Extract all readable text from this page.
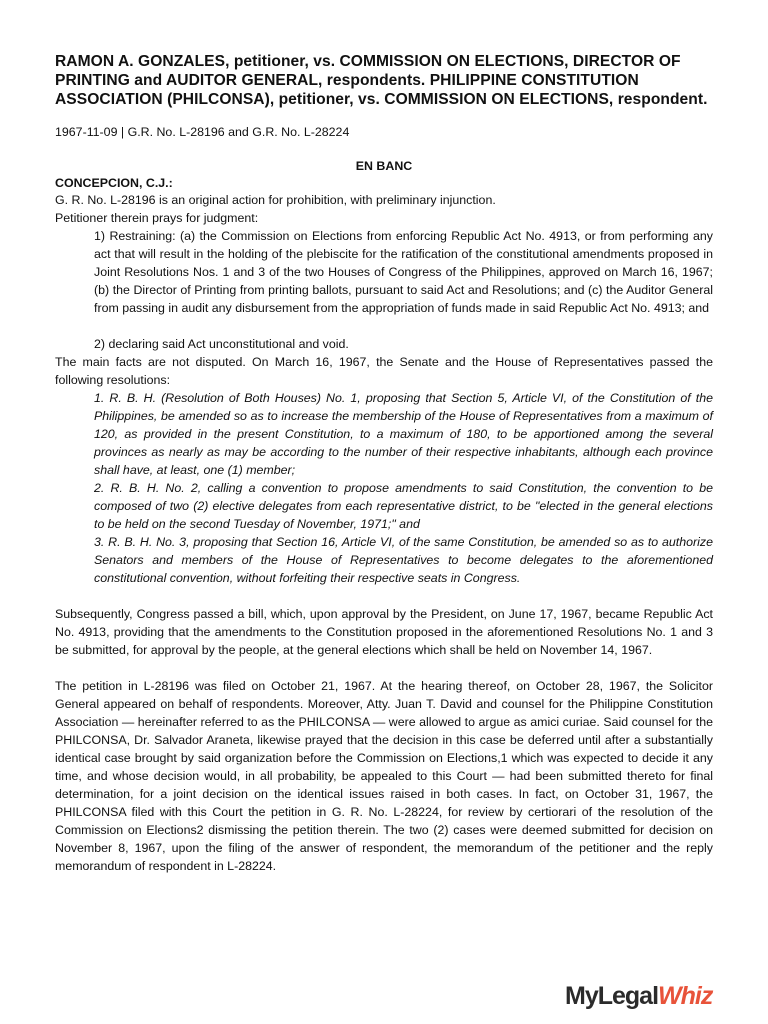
RAMON A. GONZALES, petitioner, vs. COMMISSION ON ELECTIONS, DIRECTOR OF PRINTING and AUDITOR GENERAL, respondents. PHILIPPINE CONSTITUTION ASSOCIATION (PHILCONSA), petitioner, vs. COMMISSION ON ELECTIONS, respondent.
1967-11-09 | G.R. No. L-28196 and G.R. No. L-28224
EN BANC
CONCEPCION, C.J.:

G. R. No. L-28196 is an original action for prohibition, with preliminary injunction.

Petitioner therein prays for judgment:

1) Restraining: (a) the Commission on Elections from enforcing Republic Act No. 4913, or from performing any act that will result in the holding of the plebiscite for the ratification of the constitutional amendments proposed in Joint Resolutions Nos. 1 and 3 of the two Houses of Congress of the Philippines, approved on March 16, 1967; (b) the Director of Printing from printing ballots, pursuant to said Act and Resolutions; and (c) the Auditor General from passing in audit any disbursement from the appropriation of funds made in said Republic Act No. 4913; and

2) declaring said Act unconstitutional and void.

The main facts are not disputed. On March 16, 1967, the Senate and the House of Representatives passed the following resolutions:

1. R. B. H. (Resolution of Both Houses) No. 1, proposing that Section 5, Article VI, of the Constitution of the Philippines, be amended so as to increase the membership of the House of Representatives from a maximum of 120, as provided in the present Constitution, to a maximum of 180, to be apportioned among the several provinces as nearly as may be according to the number of their respective inhabitants, although each province shall have, at least, one (1) member;

2. R. B. H. No. 2, calling a convention to propose amendments to said Constitution, the convention to be composed of two (2) elective delegates from each representative district, to be "elected in the general elections to be held on the second Tuesday of November, 1971;" and

3. R. B. H. No. 3, proposing that Section 16, Article VI, of the same Constitution, be amended so as to authorize Senators and members of the House of Representatives to become delegates to the aforementioned constitutional convention, without forfeiting their respective seats in Congress.

Subsequently, Congress passed a bill, which, upon approval by the President, on June 17, 1967, became Republic Act No. 4913, providing that the amendments to the Constitution proposed in the aforementioned Resolutions No. 1 and 3 be submitted, for approval by the people, at the general elections which shall be held on November 14, 1967.

The petition in L-28196 was filed on October 21, 1967. At the hearing thereof, on October 28, 1967, the Solicitor General appeared on behalf of respondents. Moreover, Atty. Juan T. David and counsel for the Philippine Constitution Association — hereinafter referred to as the PHILCONSA — were allowed to argue as amici curiae. Said counsel for the PHILCONSA, Dr. Salvador Araneta, likewise prayed that the decision in this case be deferred until after a substantially identical case brought by said organization before the Commission on Elections,1 which was expected to decide it any time, and whose decision would, in all probability, be appealed to this Court — had been submitted thereto for final determination, for a joint decision on the identical issues raised in both cases. In fact, on October 31, 1967, the PHILCONSA filed with this Court the petition in G. R. No. L-28224, for review by certiorari of the resolution of the Commission on Elections2 dismissing the petition therein. The two (2) cases were deemed submitted for decision on November 8, 1967, upon the filing of the answer of respondent, the memorandum of the petitioner and the reply memorandum of respondent in L-28224.

MyLegalWhiz
